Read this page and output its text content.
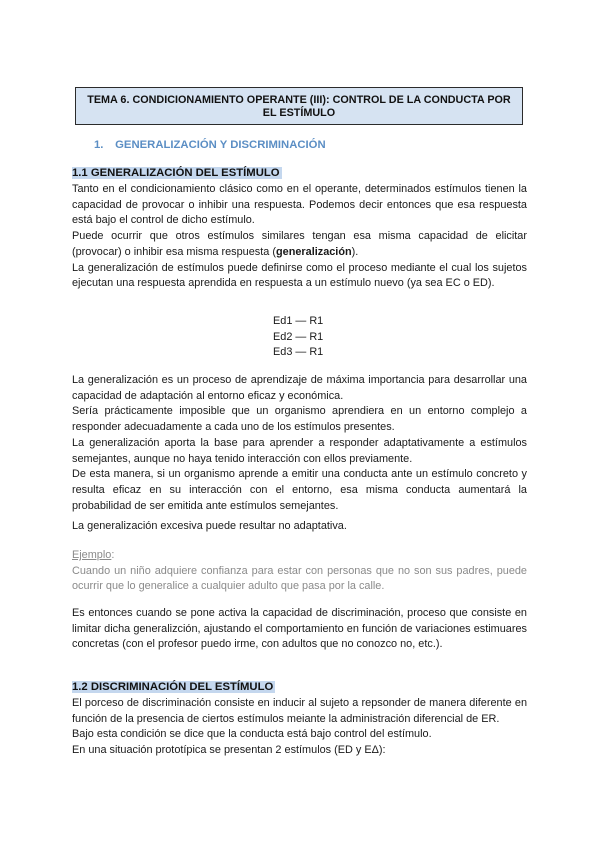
TEMA 6. CONDICIONAMIENTO OPERANTE (III): CONTROL DE LA CONDUCTA POR
EL ESTÍMULO
1. GENERALIZACIÓN Y DISCRIMINACIÓN
1.1 GENERALIZACIÓN DEL ESTÍMULO

Tanto en el condicionamiento clásico como en el operante, determinados estímulos tienen la capacidad de provocar o inhibir una respuesta. Podemos decir entonces que esa respuesta está bajo el control de dicho estímulo.

Puede ocurrir que otros estímulos similares tengan esa misma capacidad de elicitar (provocar) o inhibir esa misma respuesta (generalización).

La generalización de estímulos puede definirse como el proceso mediante el cual los sujetos ejecutan una respuesta aprendida en respuesta a un estímulo nuevo (ya sea EC o ED).

Ed1 — R1
Ed2 — R1
Ed3 — R1

La generalización es un proceso de aprendizaje de máxima importancia para desarrollar una capacidad de adaptación al entorno eficaz y económica.

Sería prácticamente imposible que un organismo aprendiera en un entorno complejo a responder adecuadamente a cada uno de los estímulos presentes.

La generalización aporta la base para aprender a responder adaptativamente a estímulos semejantes, aunque no haya tenido interacción con ellos previamente.

De esta manera, si un organismo aprende a emitir una conducta ante un estímulo concreto y resulta eficaz en su interacción con el entorno, esa misma conducta aumentará la probabilidad de ser emitida ante estímulos semejantes.

La generalización excesiva puede resultar no adaptativa.

Ejemplo:

Cuando un niño adquiere confianza para estar con personas que no son sus padres, puede ocurrir que lo generalice a cualquier adulto que pasa por la calle.

Es entonces cuando se pone activa la capacidad de discriminación, proceso que consiste en limitar dicha generalizción, ajustando el comportamiento en función de variaciones estimuares concretas (con el profesor puedo irme, con adultos que no conozco no, etc.).

1.2 DISCRIMINACIÓN DEL ESTÍMULO

El porceso de discriminación consiste en inducir al sujeto a repsonder de manera diferente en función de la presencia de ciertos estímulos meiante la administración diferencial de ER.

Bajo esta condición se dice que la conducta está bajo control del estímulo.

En una situación prototípica se presentan 2 estímulos (ED y EΔ):
